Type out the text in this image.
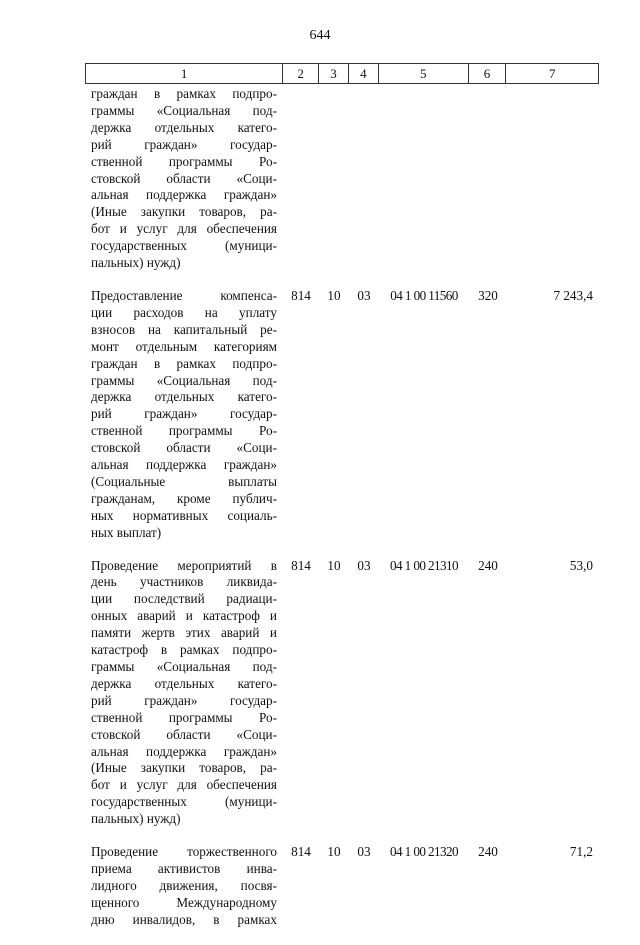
644
1	2	3	4	5	6	7
граждан в рамках подпро-
граммы «Социальная под-
держка отдельных катего-
рий граждан» государ-
ственной программы Ро-
стовской области «Соци-
альная поддержка граждан»
(Иные закупки товаров, ра-
бот и услуг для обеспечения
государственных (муници-
пальных) нужд)
Предоставление компенса-
ции расходов на уплату
взносов на капитальный ре-
монт отдельным категориям
граждан в рамках подпро-
граммы «Социальная под-
держка отдельных катего-
рий граждан» государ-
ственной программы Ро-
стовской области «Соци-
альная поддержка граждан»
(Социальные выплаты
гражданам, кроме публич-
ных нормативных социаль-
ных выплат)
814	10	03	04 1 00 11560	320	7 243,4
Проведение мероприятий в
день участников ликвида-
ции последствий радиаци-
онных аварий и катастроф и
памяти жертв этих аварий и
катастроф в рамках подпро-
граммы «Социальная под-
держка отдельных катего-
рий граждан» государ-
ственной программы Ро-
стовской области «Соци-
альная поддержка граждан»
(Иные закупки товаров, ра-
бот и услуг для обеспечения
государственных (муници-
пальных) нужд)
814	10	03	04 1 00 21310	240	53,0
Проведение торжественного
приема активистов инва-
лидного движения, посвя-
щенного Международному
дню инвалидов, в рамках
814	10	03	04 1 00 21320	240	71,2
